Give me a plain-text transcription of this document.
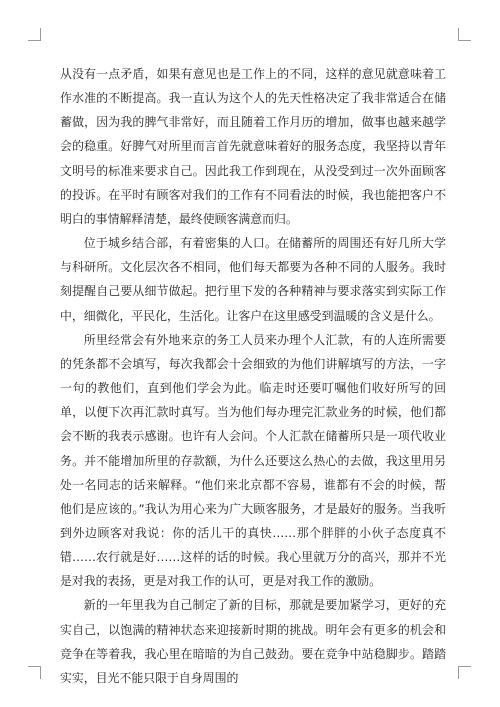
从没有一点矛盾，如果有意见也是工作上的不同，这样的意见就意味着工作水准的不断提高。我一直认为这个人的先天性格决定了我非常适合在储蓄做，因为我的脾气非常好，而且随着工作月历的增加，做事也越来越学会的稳重。好脾气对所里而言首先就意味着好的服务态度，我坚持以青年文明号的标准来要求自己。因此我工作到现在，从没受到过一次外面顾客的投诉。在平时有顾客对我们的工作有不同看法的时候，我也能把客户不明白的事情解释清楚，最终使顾客满意而归。

位于城乡结合部，有着密集的人口。在储蓄所的周围还有好几所大学与科研所。文化层次各不相同，他们每天都要为各种不同的人服务。我时刻提醒自己要从细节做起。把行里下发的各种精神与要求落实到实际工作中，细微化，平民化，生活化。让客户在这里感受到温暖的含义是什么。

所里经常会有外地来京的务工人员来办理个人汇款，有的人连所需要的凭条都不会填写，每次我都会十会细致的为他们讲解填写的方法，一字一句的教他们，直到他们学会为此。临走时还要叮嘱他们收好所写的回单，以便下次再汇款时真写。当为他们每办理完汇款业务的时候，他们都会不断的我表示感谢。也许有人会问。个人汇款在储蓄所只是一项代收业务。并不能增加所里的存款额，为什么还要这么热心的去做，我这里用另处一名同志的话来解释。“他们来北京都不容易，谁都有不会的时候，帮他们是应该的。”我认为用心来为广大顾客服务，才是最好的服务。当我听到外边顾客对我说：你的活儿干的真快……那个胖胖的小伙子态度真不错……农行就是好……这样的话的时候。我心里就万分的高兴，那并不光是对我的表扬，更是对我工作的认可，更是对我工作的激励。

新的一年里我为自己制定了新的目标，那就是要加紧学习，更好的充实自己，以饱满的精神状态来迎接新时期的挑战。明年会有更多的机会和竞争在等着我，我心里在暗暗的为自己鼓劲。要在竞争中站稳脚步。踏踏实实，目光不能只限于自身周围的
